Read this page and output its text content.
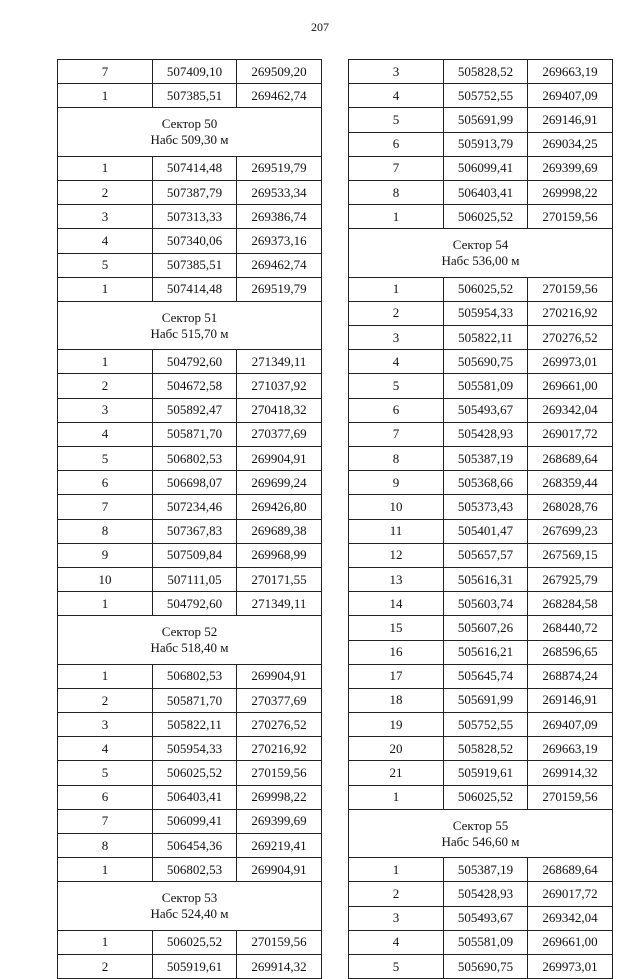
207
7	507409,10	269509,20
1	507385,51	269462,74

Сектор 50
Набс 509,30 м		

1	507414,48	269519,79
2	507387,79	269533,34
3	507313,33	269386,74
4	507340,06	269373,16
5	507385,51	269462,74
1	507414,48	269519,79

Сектор 51
Набс 515,70 м		

1	504792,60	271349,11
2	504672,58	271037,92
3	505892,47	270418,32
4	505871,70	270377,69
5	506802,53	269904,91
6	506698,07	269699,24
7	507234,46	269426,80
8	507367,83	269689,38
9	507509,84	269968,99
10	507111,05	270171,55
1	504792,60	271349,11

Сектор 52
Набс 518,40 м		

1	506802,53	269904,91
2	505871,70	270377,69
3	505822,11	270276,52
4	505954,33	270216,92
5	506025,52	270159,56
6	506403,41	269998,22
7	506099,41	269399,69
8	506454,36	269219,41
1	506802,53	269904,91

Сектор 53
Набс 524,40 м		

1	506025,52	270159,56
2	505919,61	269914,32
3	505828,52	269663,19
4	505752,55	269407,09
5	505691,99	269146,91
6	505913,79	269034,25
7	506099,41	269399,69
8	506403,41	269998,22
1	506025,52	270159,56

Сектор 54
Набс 536,00 м		

1	506025,52	270159,56
2	505954,33	270216,92
3	505822,11	270276,52
4	505690,75	269973,01
5	505581,09	269661,00
6	505493,67	269342,04
7	505428,93	269017,72
8	505387,19	268689,64
9	505368,66	268359,44
10	505373,43	268028,76
11	505401,47	267699,23
12	505657,57	267569,15
13	505616,31	267925,79
14	505603,74	268284,58
15	505607,26	268440,72
16	505616,21	268596,65
17	505645,74	268874,24
18	505691,99	269146,91
19	505752,55	269407,09
20	505828,52	269663,19
21	505919,61	269914,32
1	506025,52	270159,56

Сектор 55
Набс 546,60 м		

1	505387,19	268689,64
2	505428,93	269017,72
3	505493,67	269342,04
4	505581,09	269661,00
5	505690,75	269973,01
